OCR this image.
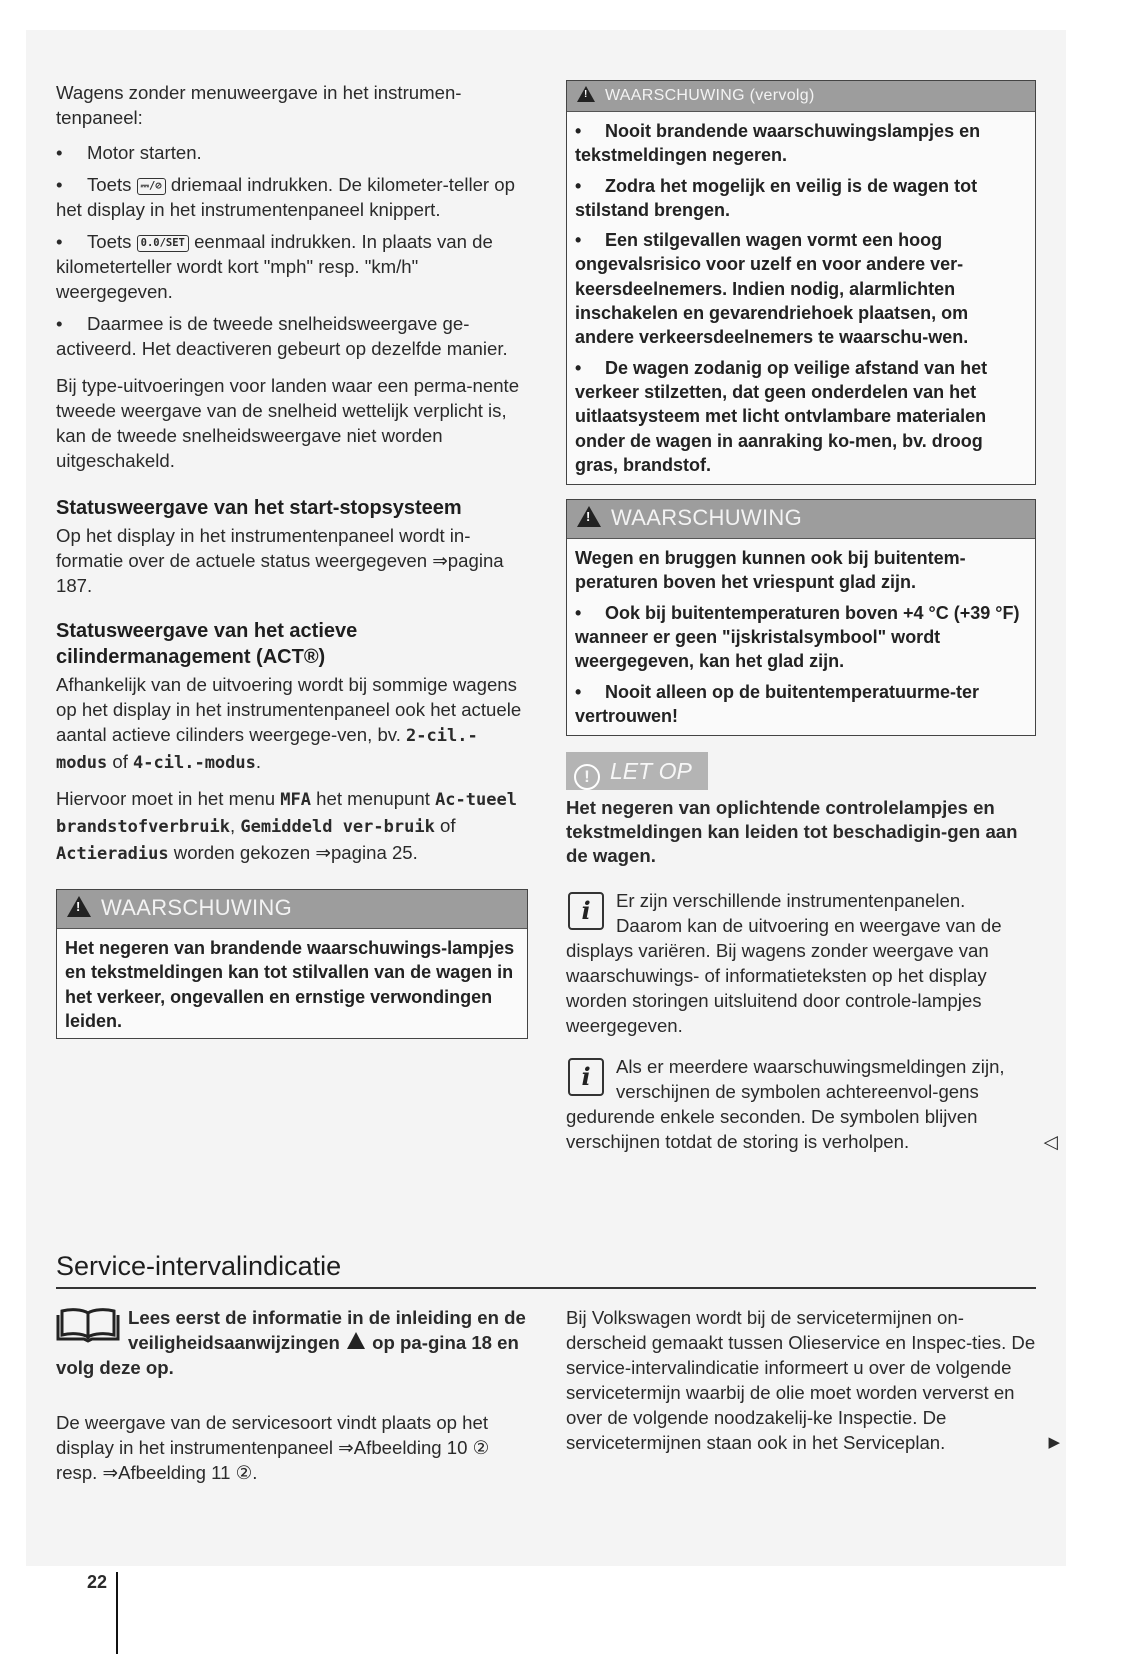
Wagens zonder menuweergave in het instrumen-tenpaneel:

• Motor starten.

• Toets ⎓/⊘ driemaal indrukken. De kilometer-teller op het display in het instrumentenpaneel knippert.

• Toets 0.0/SET eenmaal indrukken. In plaats van de kilometerteller wordt kort "mph" resp. "km/h" weergegeven.

• Daarmee is de tweede snelheidsweergave ge-activeerd. Het deactiveren gebeurt op dezelfde manier.

Bij type-uitvoeringen voor landen waar een perma-nente tweede weergave van de snelheid wettelijk verplicht is, kan de tweede snelheidsweergave niet worden uitgeschakeld.

Statusweergave van het start-stopsysteem

Op het display in het instrumentenpaneel wordt in-formatie over de actuele status weergegeven ⇒pagina 187.

Statusweergave van het actieve cilindermanagement (ACT®)

Afhankelijk van de uitvoering wordt bij sommige wagens op het display in het instrumentenpaneel ook het actuele aantal actieve cilinders weergege-ven, bv. 2-cil.-modus of 4-cil.-modus.

Hiervoor moet in het menu MFA het menupunt Ac-tueel brandstofverbruik, Gemiddeld ver-bruik of Actieradius worden gekozen ⇒pagina 25.

!WAARSCHUWING
Het negeren van brandende waarschuwings-lampjes en tekstmeldingen kan tot stilvallen van de wagen in het verkeer, ongevallen en ernstige verwondingen leiden.
!WAARSCHUWING (vervolg)
• Nooit brandende waarschuwingslampjes en tekstmeldingen negeren.
• Zodra het mogelijk en veilig is de wagen tot stilstand brengen.
• Een stilgevallen wagen vormt een hoog ongevalsrisico voor uzelf en voor andere ver-keersdeelnemers. Indien nodig, alarmlichten inschakelen en gevarendriehoek plaatsen, om andere verkeersdeelnemers te waarschu-wen.
• De wagen zodanig op veilige afstand van het verkeer stilzetten, dat geen onderdelen van het uitlaatsysteem met licht ontvlambare materialen onder de wagen in aanraking ko-men, bv. droog gras, brandstof.
!WAARSCHUWING
Wegen en bruggen kunnen ook bij buitentem-peraturen boven het vriespunt glad zijn.
• Ook bij buitentemperaturen boven +4 °C (+39 °F) wanneer er geen "ijskristalsymbool" wordt weergegeven, kan het glad zijn.
• Nooit alleen op de buitentemperatuurme-ter vertrouwen!
! LET OP
Het negeren van oplichtende controlelampjes en tekstmeldingen kan leiden tot beschadigin-gen aan de wagen.
i	Er zijn verschillende instrumentenpanelen. Daarom kan de uitvoering en weergave van de displays variëren. Bij wagens zonder weergave van waarschuwings- of informatieteksten op het display worden storingen uitsluitend door controle-lampjes weergegeven.
i	Als er meerdere waarschuwingsmeldingen zijn, verschijnen de symbolen achtereenvol-gens gedurende enkele seconden. De symbolen blijven verschijnen totdat de storing is verholpen.	◁
Service-intervalindicatie
Lees eerst de informatie in de inleiding en de veiligheidsaanwijzingen op pa-gina 18 en volg deze op.

De weergave van de servicesoort vindt plaats op het display in het instrumentenpaneel ⇒Afbeelding 10 ② resp. ⇒Afbeelding 11 ②.

Bij Volkswagen wordt bij de servicetermijnen on-derscheid gemaakt tussen Olieservice en Inspec-ties. De service-intervalindicatie informeert u over de volgende servicetermijn waarbij de olie moet worden ververst en over de volgende noodzakelij-ke Inspectie. De servicetermijnen staan ook in het Serviceplan.	▶

22
